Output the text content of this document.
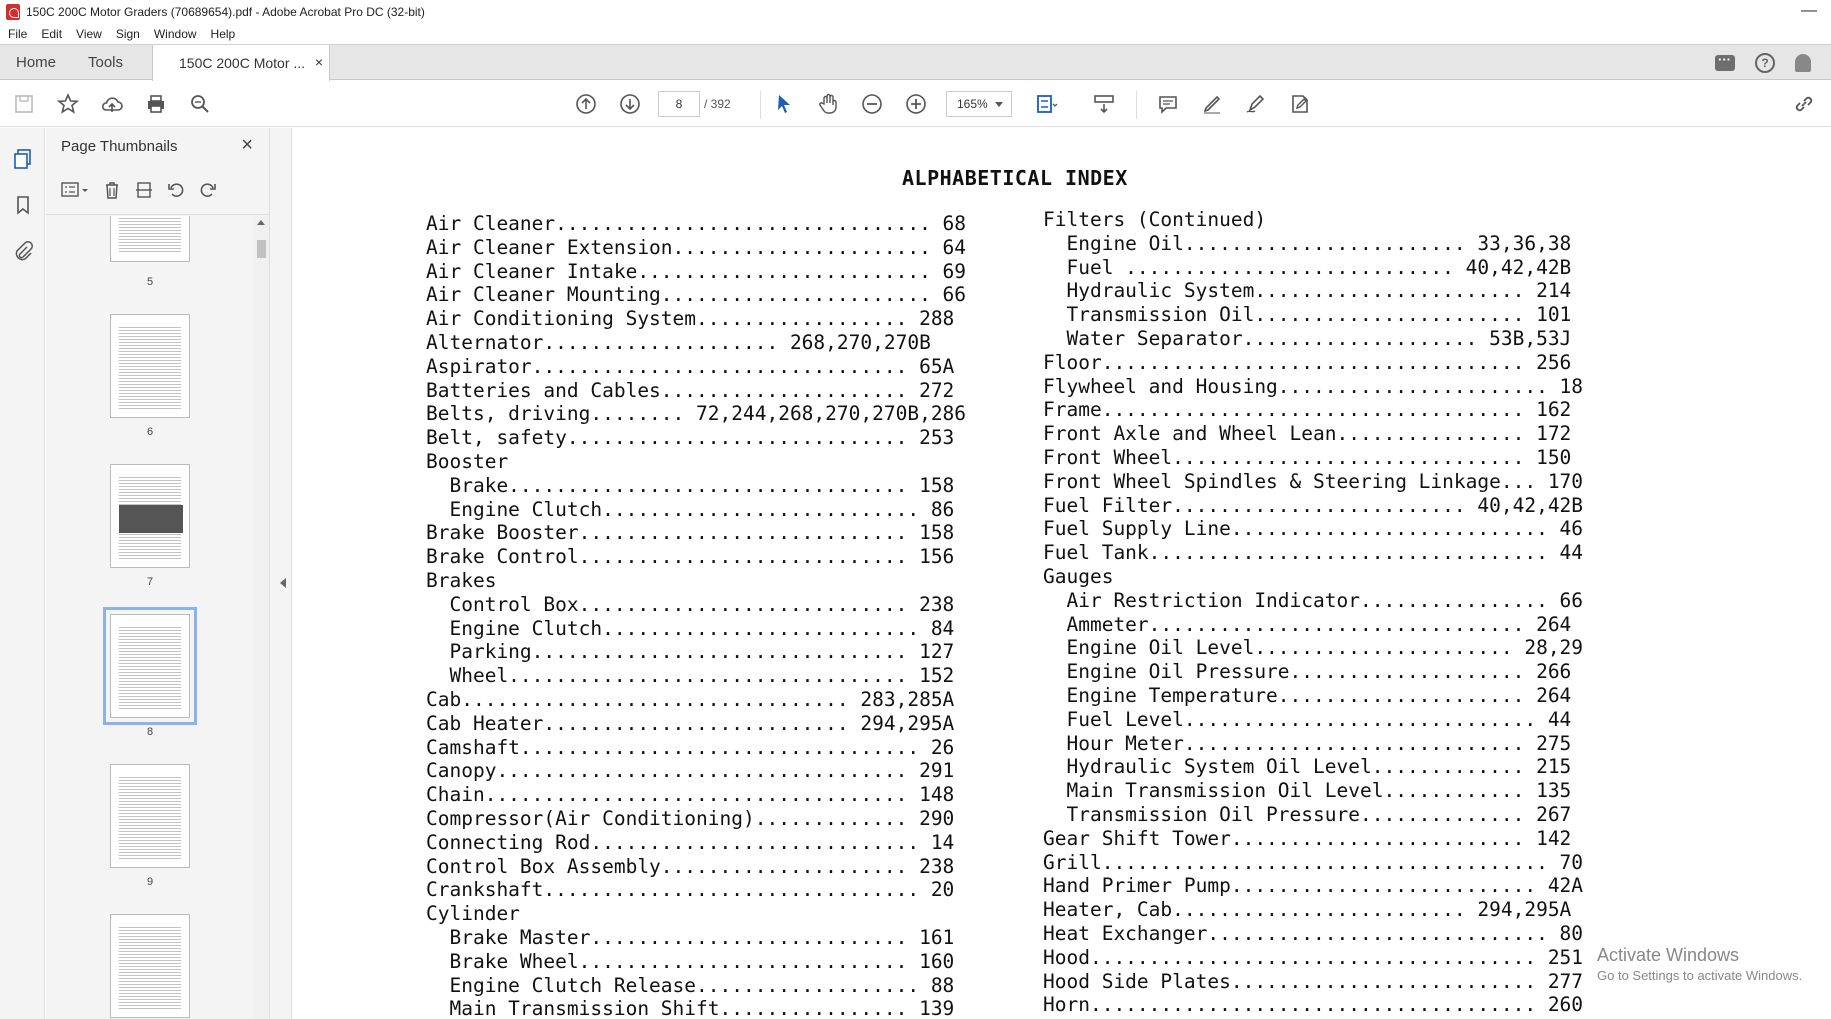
150C 200C Motor Graders (70689654).pdf - Adobe Acrobat Pro DC (32-bit)	—
File Edit View Sign Window Help
Home Tools	150C 200C Motor ... × ···	?
8	/ 392	165%
Page Thumbnails	×
5
6
7
8
9
ALPHABETICAL INDEX
Air Cleaner................................ 68
Air Cleaner Extension...................... 64
Air Cleaner Intake......................... 69
Air Cleaner Mounting....................... 66
Air Conditioning System.................. 288
Alternator.................... 268,270,270B
Aspirator................................ 65A
Batteries and Cables..................... 272
Belts, driving........ 72,244,268,270,270B,286
Belt, safety............................. 253
Booster
Brake.................................. 158
Engine Clutch........................... 86
Brake Booster............................ 158
Brake Control............................ 156
Brakes
Control Box............................ 238
Engine Clutch........................... 84
Parking................................ 127
Wheel.................................. 152
Cab................................. 283,285A
Cab Heater.......................... 294,295A
Camshaft.................................. 26
Canopy................................... 291
Chain.................................... 148
Compressor(Air Conditioning)............. 290
Connecting Rod............................ 14
Control Box Assembly..................... 238
Crankshaft................................ 20
Cylinder
Brake Master........................... 161
Brake Wheel............................ 160
Engine Clutch Release................... 88
Main Transmission Shift................ 139
Filters (Continued)
Engine Oil........................ 33,36,38
Fuel ............................ 40,42,42B
Hydraulic System....................... 214
Transmission Oil....................... 101
Water Separator.................... 53B,53J
Floor.................................... 256
Flywheel and Housing....................... 18
Frame.................................... 162
Front Axle and Wheel Lean................ 172
Front Wheel.............................. 150
Front Wheel Spindles & Steering Linkage... 170
Fuel Filter......................... 40,42,42B
Fuel Supply Line........................... 46
Fuel Tank.................................. 44
Gauges
Air Restriction Indicator................ 66
Ammeter................................ 264
Engine Oil Level...................... 28,29
Engine Oil Pressure.................... 266
Engine Temperature..................... 264
Fuel Level.............................. 44
Hour Meter............................. 275
Hydraulic System Oil Level............. 215
Main Transmission Oil Level............ 135
Transmission Oil Pressure.............. 267
Gear Shift Tower......................... 142
Grill...................................... 70
Hand Primer Pump.......................... 42A
Heater, Cab......................... 294,295A
Heat Exchanger............................. 80
Hood...................................... 251
Hood Side Plates.......................... 277
Horn...................................... 260
Activate Windows
Go to Settings to activate Windows.
